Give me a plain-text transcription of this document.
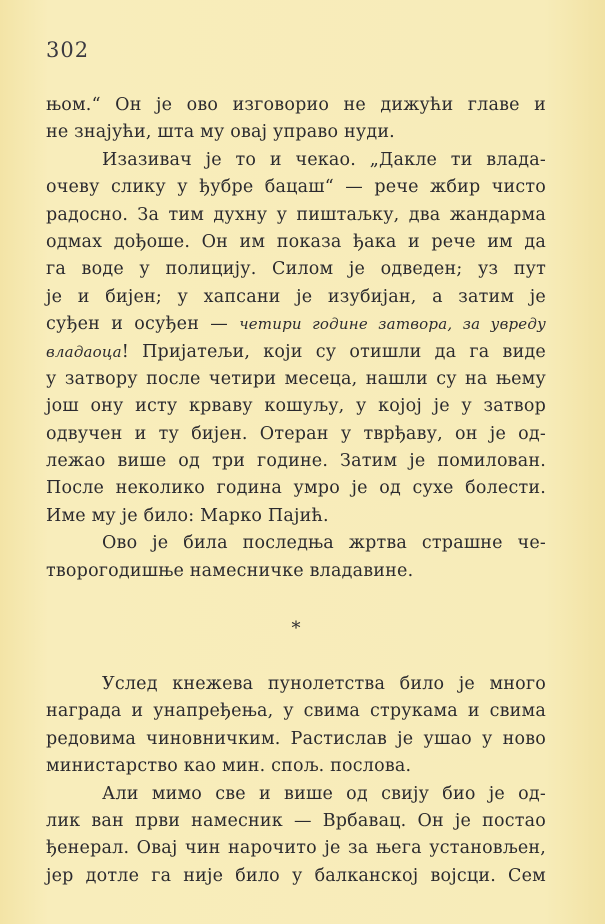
302
њом.“ Он је ово изговорио не дижући главе и
не знајући, шта му овај управо нуди.
Изазивач је то и чекао. „Дакле ти влада-
очеву слику у ђубре бацаш“ — рече жбир чисто
радосно. За тим духну у пиштаљку, два жандарма
одмах дођоше. Он им показа ђака и рече им да
га воде у полицију. Силом је одведен; уз пут
је и бијен; у хапсани је изубијан, а затим је
суђен и осуђен — четири године затвора, за увреду
владаоца! Пријатељи, који су отишли да га виде
у затвору после четири месеца, нашли су на њему
још ону исту крваву кошуљу, у којој је у затвор
одвучен и ту бијен. Отеран у тврђаву, он је од-
лежао више од три године. Затим је помилован.
После неколико година умро је од сухе болести.
Име му је било: Марко Пајић.
Ово је била последња жртва страшне че-
творогодишње намесничке владавине.
*
Услед кнежева пунолетства било је много
награда и унапређења, у свима струкама и свима
редовима чиновничким. Растислав је ушао у ново
министарство као мин. спољ. послова.
Али мимо све и више од свију био је од-
лик ван први намесник — Врбавац. Он је постао
ђенерал. Овај чин нарочито је за њега установљен,
јер дотле га није било у балканској војсци. Сем
